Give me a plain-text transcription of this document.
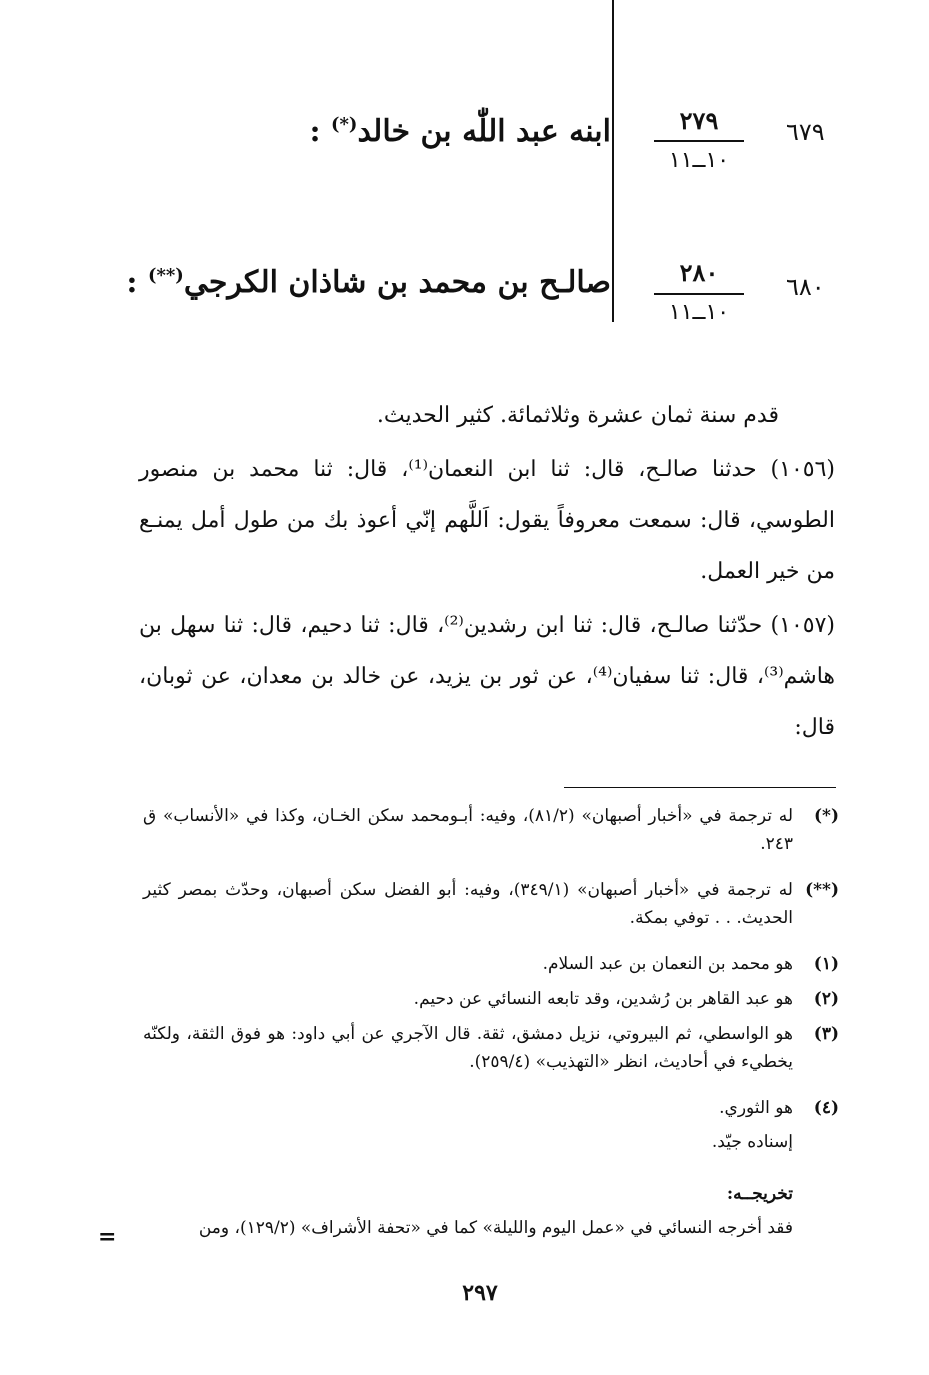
٦٧٩
٢٧٩
١٠ــ١١
ابنه عبد اللّٰه بن خالد(*) :
٦٨٠
٢٨٠
١٠ــ١١
صالـح بن محمد بن شاذان الكرجي(**) :
قدم سنة ثمان عشرة وثلاثمائة. كثير الحديث.
(١٠٥٦) حدثنا صالـح، قال: ثنا ابن النعمان⁽¹⁾، قال: ثنا محمد بن منصور الطوسي، قال: سمعت معروفاً يقول: اَللَّهم إنّي أعوذ بك من طول أمل يمنـع من خير العمل.
(١٠٥٧) حدّثنا صالـح، قال: ثنا ابن رشدين⁽²⁾، قال: ثنا دحيم، قال: ثنا سهل بن هاشم⁽³⁾، قال: ثنا سفيان⁽⁴⁾، عن ثور بن يزيد، عن خالد بن معدان، عن ثوبان، قال:
(*)
له ترجمة في «أخبار أصبهان» (٨١/٢)، وفيه: أبـومحمد سكن الخـان، وكذا في «الأنساب» ق ٢٤٣.
(**)
له ترجمة في «أخبار أصبهان» (٣٤٩/١)، وفيه: أبو الفضل سكن أصبهان، وحدّث بمصر كثير الحديث. . . توفي بمكة.
(١)
هو محمد بن النعمان بن عبد السلام.
(٢)
هو عبد القاهر بن رُشدين، وقد تابعه النسائي عن دحيم.
(٣)
هو الواسطي، ثم البيروتي، نزيل دمشق، ثقة. قال الآجري عن أبي داود: هو فوق الثقة، ولكنّه يخطيء في أحاديث، انظر «التهذيب» (٢٥٩/٤).
(٤)
هو الثوري.
إسناده جيّد.
تخريجــه:
فقد أخرجه النسائي في «عمل اليوم والليلة» كما في «تحفة الأشراف» (١٢٩/٢)، ومن
=
٢٩٧
